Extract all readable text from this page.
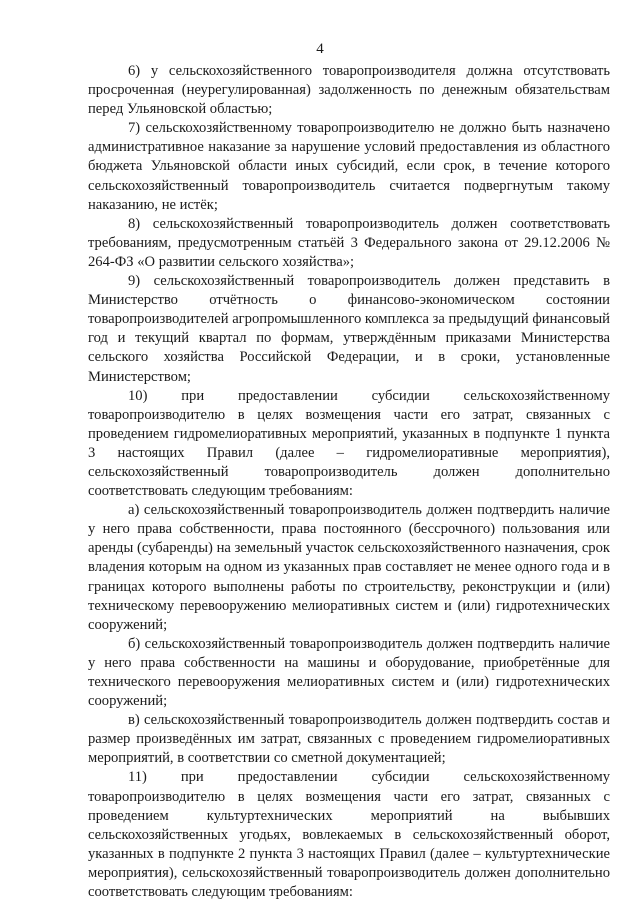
4

6) у сельскохозяйственного товаропроизводителя должна отсутствовать просроченная (неурегулированная) задолженность по денежным обязательствам перед Ульяновской областью;

7) сельскохозяйственному товаропроизводителю не должно быть назначено административное наказание за нарушение условий предоставления из областного бюджета Ульяновской области иных субсидий, если срок, в течение которого сельскохозяйственный товаропроизводитель считается подвергнутым такому наказанию, не истёк;

8) сельскохозяйственный товаропроизводитель должен соответствовать требованиям, предусмотренным статьёй 3 Федерального закона от 29.12.2006 № 264-ФЗ «О развитии сельского хозяйства»;

9) сельскохозяйственный товаропроизводитель должен представить в Министерство отчётность о финансово-экономическом состоянии товаропроизводителей агропромышленного комплекса за предыдущий финансовый год и текущий квартал по формам, утверждённым приказами Министерства сельского хозяйства Российской Федерации, и в сроки, установленные Министерством;

10) при предоставлении субсидии сельскохозяйственному товаропроизводителю в целях возмещения части его затрат, связанных с проведением гидромелиоративных мероприятий, указанных в подпункте 1 пункта 3 настоящих Правил (далее – гидромелиоративные мероприятия), сельскохозяйственный товаропроизводитель должен дополнительно соответствовать следующим требованиям:

а) сельскохозяйственный товаропроизводитель должен подтвердить наличие у него права собственности, права постоянного (бессрочного) пользования или аренды (субаренды) на земельный участок сельскохозяйственного назначения, срок владения которым на одном из указанных прав составляет не менее одного года и в границах которого выполнены работы по строительству, реконструкции и (или) техническому перевооружению мелиоративных систем и (или) гидротехнических сооружений;

б) сельскохозяйственный товаропроизводитель должен подтвердить наличие у него права собственности на машины и оборудование, приобретённые для технического перевооружения мелиоративных систем и (или) гидротехнических сооружений;

в) сельскохозяйственный товаропроизводитель должен подтвердить состав и размер произведённых им затрат, связанных с проведением гидромелиоративных мероприятий, в соответствии со сметной документацией;

11) при предоставлении субсидии сельскохозяйственному товаропроизводителю в целях возмещения части его затрат, связанных с проведением культуртехнических мероприятий на выбывших сельскохозяйственных угодьях, вовлекаемых в сельскохозяйственный оборот, указанных в подпункте 2 пункта 3 настоящих Правил (далее – культуртехнические мероприятия), сельскохозяйственный товаропроизводитель должен дополнительно соответствовать следующим требованиям:
